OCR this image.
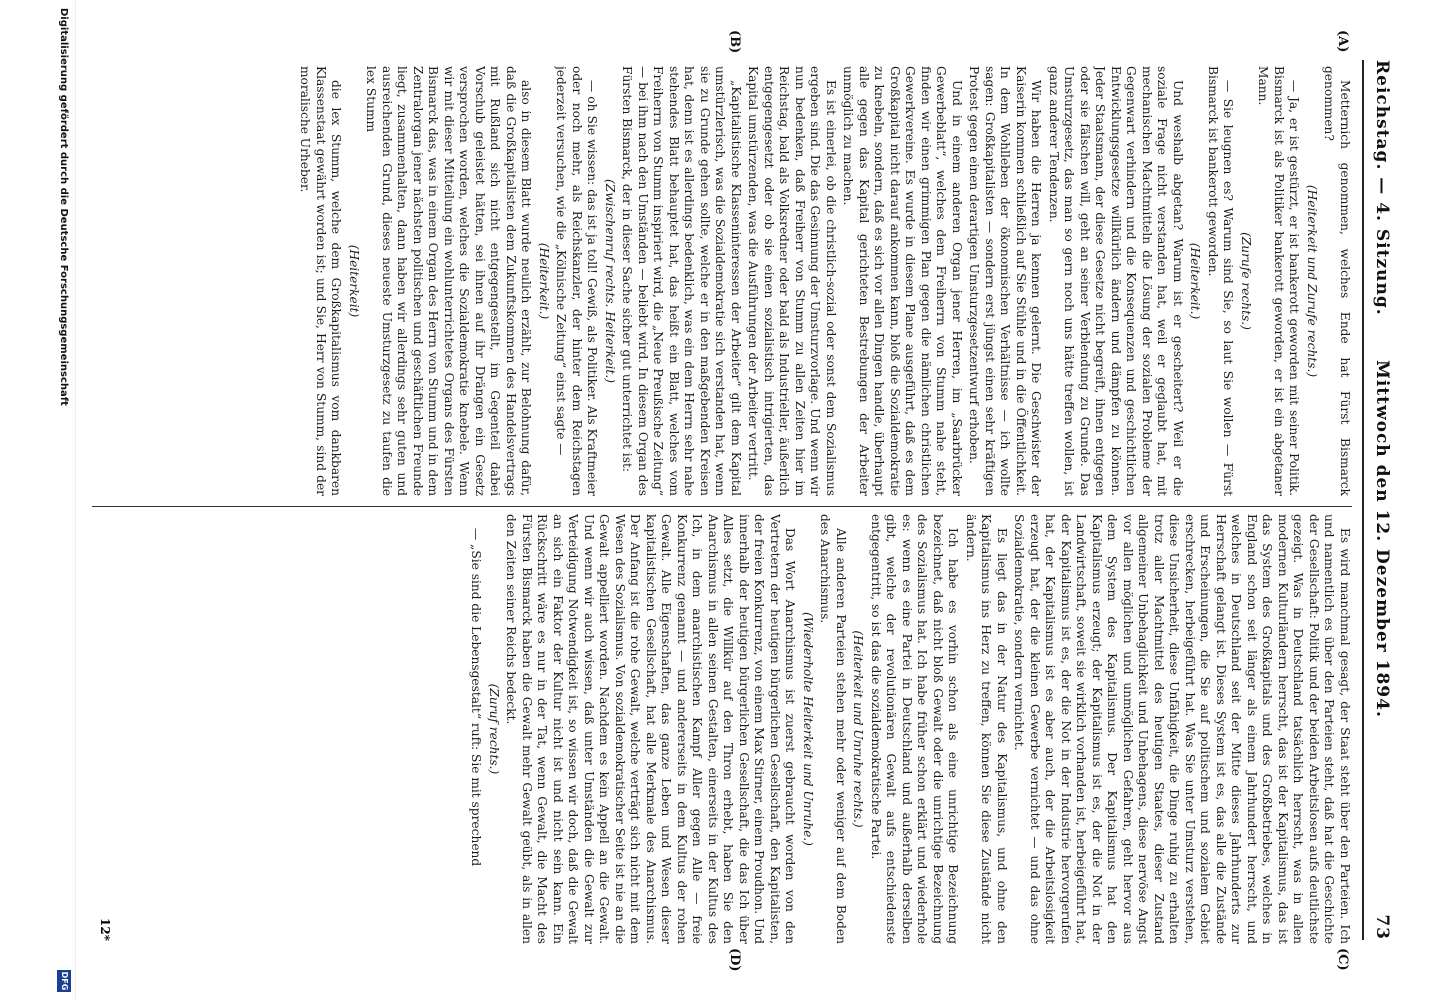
Reichstag. — 4. Sitzung.
Mittwoch den 12. Dezember 1894.
73
(A)
(B)
(C)
(D)

Metternich genommen, welches Ende hat Fürst Bismarck genommen?

(Heiterkeit und Zurufe rechts.)

— Ja, er ist gestürzt, er ist bankerott geworden mit seiner Politik. Bismarck ist als Politiker bankerott geworden, er ist ein abgetaner Mann.

(Zurufe rechts.)

— Sie leugnen es? Warum sind Sie, so laut Sie wollen — Fürst Bismarck ist bankerott geworden.

(Heiterkeit.)

Und weshalb abgetan? Warum ist er gescheitert? Weil er die soziale Frage nicht verstanden hat, weil er geglaubt hat, mit mechanischen Machtmitteln die Lösung der sozialen Probleme der Gegenwart verhindern und die Konsequenzen und geschichtlichen Entwicklungsgesetze willkürlich ändern und dämpfen zu können. Jeder Staatsmann, der diese Gesetze nicht begreift, ihnen entgegen oder sie fälschen will, geht an seiner Verblendung zu Grunde. Das Umsturzgesetz, das man so gern noch uns hätte treffen wollen, ist ganz anderer Tendenzen.

Wir haben die Herren ja kennen gelernt. Die Geschwister der Kaiserin kommen schließlich auf Sie Stühle und in die Öffentlichkeit. In dem Wohlleben der ökonomischen Verhältnisse — ich wollte sagen: Großkapitalisten — sondern erst jüngst einen sehr kräftigen Protest gegen einen derartigen Umsturzgesetzentwurf erhoben.

Und in einem anderen Organ jener Herren, im „Saarbrücker Gewerbeblatt“, welches dem Freiherrn von Stumm nahe steht, finden wir einen grimmigen Plan gegen die nämlichen christlichen Gewerkvereine. Es wurde in diesem Plane ausgeführt, daß es dem Großkapital nicht darauf ankommen kann, bloß die Sozialdemokratie zu knebeln, sondern, daß es sich vor allen Dingen handle, überhaupt alle gegen das Kapital gerichteten Bestrebungen der Arbeiter unmöglich zu machen.

Es ist einerlei, ob die christlich-sozial oder sonst dem Sozialismus ergeben sind. Die das Gesinnung der Umsturzvorlage. Und wenn wir nun bedenken, daß Freiherr von Stumm zu allen Zeiten hier im Reichstag, bald als Volksredner oder bald als Industrieller, äußerlich entgegengesetzt oder ob sie einen sozialistisch intrigierten, das Kapital umstürzenden, was die Ausführungen der Arbeiter vertritt.

„Kapitalistische Klasseninteressen der Arbeiter“ gilt dem Kapital umstürzlerisch, was die Sozialdemokratie sich verstanden hat, wenn sie zu Grunde gehen sollte, welche er in den maßgebenden Kreisen hat, denn ist es allerdings bedenklich, was ein dem Herrn sehr nahe stehendes Blatt behauptet hat, das heißt ein Blatt, welches vom Freiherrn von Stumm inspiriert wird, die „Neue Preußische Zeitung“ — bei ihm nach den Umständen — beliebt wird. In diesem Organ des Fürsten Bismarck, der in dieser Sache sicher gut unterrichtet ist:

(Zwischenruf rechts. Heiterkeit.)

— oh Sie wissen: das ist ja toll! Gewiß, als Politiker. Als Kraftmeier oder noch mehr, als Reichskanzler, der hinter dem Reichstagen jederzeit versuchen, wie die „Kölnische Zeitung“ einst sagte —

(Heiterkeit.)

also in diesem Blatt wurde neulich erzählt, zur Belohnung dafür, daß die Großkapitalisten dem Zukunftskommen des Handelsvertrags mit Rußland sich nicht entgegengestellt, im Gegenteil dabei Vorschub geleistet hätten, sei ihnen auf ihr Drängen ein Gesetz versprochen worden, welches die Sozialdemokratie knebele. Wenn wir mit dieser Mitteilung ein wohlunterrichtetes Organs des Fürsten Bismarck das, was in einem Organ des Herrn von Stumm und in dem Zentralorgan jener nächsten politischen und geschäftlichen Freunde liegt, zusammenhalten, dann haben wir allerdings sehr guten und ausreichenden Grund, dieses neueste Umsturzgesetz zu taufen die lex Stumm

(Heiterkeit)

die lex Stumm, welche dem Großkapitalismus vom dankbaren Klassenstaat gewährt worden ist; und Sie, Herr von Stumm, sind der moralische Urheber.

Es wird manchmal gesagt, der Staat steht über den Parteien. Ich und namentlich es über den Parteien steht, daß hat die Geschichte der Gesellschaft: Politik und der beiden Arbeitslosen aufs deutlichste gezeigt. Was in Deutschland tatsächlich herrscht, was in allen modernen Kulturländern herrscht, das ist der Kapitalismus, das ist das System des Großkapitals und des Großbetriebes, welches in England schon seit länger als einem Jahrhundert herrscht, und welches in Deutschland seit der Mitte dieses Jahrhunderts zur Herrschaft gelangt ist. Dieses System ist es, das alle die Zustände und Erscheinungen, die Sie auf politischem und sozialem Gebiet erschrecken, herbeigeführt hat. Was Sie unter Umsturz verstehen, diese Unsicherheit, diese Unfähigkeit, die Dinge ruhig zu erhalten trotz aller Machtmittel des heutigen Staates, dieser Zustand allgemeiner Unbehaglichkeit und Unbehagens, diese nervöse Angst vor allen möglichen und unmöglichen Gefahren, geht hervor aus dem System des Kapitalismus. Der Kapitalismus hat den Kapitalismus erzeugt; der Kapitalismus ist es, der die Not in der Landwirtschaft, soweit sie wirklich vorhanden ist, herbeigeführt hat, der Kapitalismus ist es, der die Not in der Industrie hervorgerufen hat, der Kapitalismus ist es aber auch, der die Arbeitslosigkeit erzeugt hat, der die kleinen Gewerbe vernichtet — und das ohne Sozialdemokratie, sondern vernichtet.

Es liegt das in der Natur des Kapitalismus, und ohne den Kapitalismus ins Herz zu treffen, können Sie diese Zustände nicht ändern.

Ich habe es vorhin schon als eine unrichtige Bezeichnung bezeichnet, daß nicht bloß Gewalt oder die unrichtige Bezeichnung des Sozialismus hat. Ich habe früher schon erklärt und wiederhole es: wenn es eine Partei in Deutschland und außerhalb derselben gibt, welche der revolutionären Gewalt aufs entschiedenste entgegentritt, so ist das die sozialdemokratische Partei.

(Heiterkeit und Unruhe rechts.)

Alle anderen Parteien stehen mehr oder weniger auf dem Boden des Anarchismus.

(Wiederholte Heiterkeit und Unruhe.)

Das Wort Anarchismus ist zuerst gebraucht worden von den Vertretern der heutigen bürgerlichen Gesellschaft, den Kapitalisten, der freien Konkurrenz, von einem Max Stirner, einem Proudhon. Und innerhalb der heutigen bürgerlichen Gesellschaft, die das Ich über Alles setzt, die Willkür auf den Thron erhebt, haben Sie den Anarchismus in allen seinen Gestalten, einerseits in der Kultus des Ich, in dem anarchistischen Kampf Aller gegen Alle — freie Konkurrenz genannt — und andererseits in dem Kultus der rohen Gewalt. Alle Eigenschaften, das ganze Leben und Wesen dieser kapitalistischen Gesellschaft, hat alle Merkmale des Anarchismus. Der Anfang ist die rohe Gewalt, welche verträgt sich nicht mit dem Wesen des Sozialismus. Von sozialdemokratischer Seite ist nie an die Gewalt appelliert worden. Nachdem es kein Appell an die Gewalt. Und wenn wir auch wissen, daß unter Umständen die Gewalt zur Verteidigung Notwendigkeit ist, so wissen wir doch, daß die Gewalt an sich ein Faktor der Kultur nicht ist und nicht sein kann. Ein Rückschritt wäre es nur in der Tat, wenn Gewalt, die Macht des Fürsten Bismarck haben die Gewalt mehr Gewalt geübt, als in allen den Zeiten seiner Reichs bedeckt.

(Zuruf rechts.)

— „Sie sind die Lebensgestalt“ ruft: Sie mit sprechend

12*
Digitalisierung gefördert durch die Deutsche Forschungsgemeinschaft
DFG
